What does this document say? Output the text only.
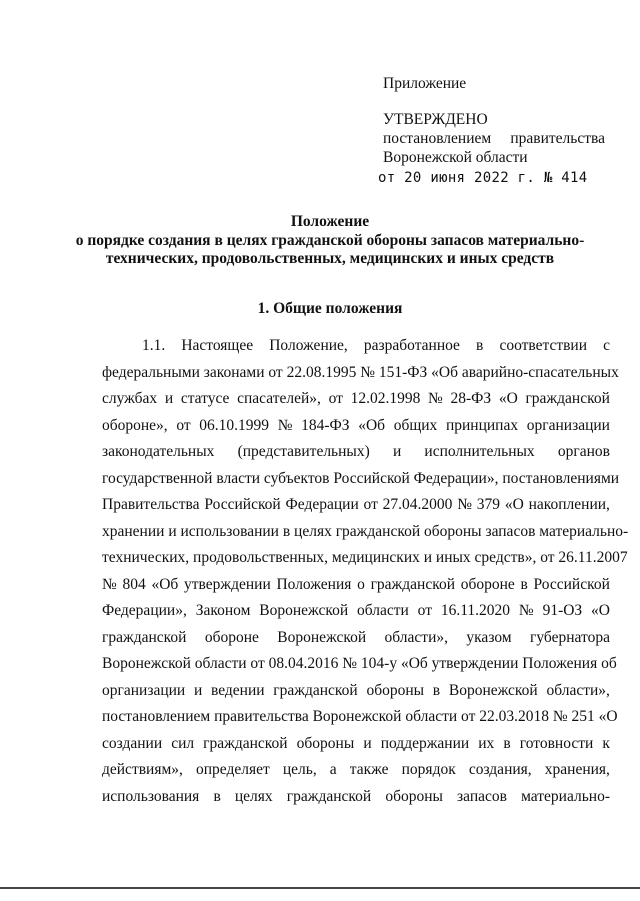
Приложение
УТВЕРЖДЕНО
постановлением правительства
Воронежской области
от 20 июня 2022 г. № 414
Положение
о порядке создания в целях гражданской обороны запасов материально-
технических, продовольственных, медицинских и иных средств
1. Общие положения
1.1. Настоящее Положение, разработанное в соответствии с
федеральными законами от 22.08.1995 № 151-ФЗ «Об аварийно-спасательных
службах и статусе спасателей», от 12.02.1998 № 28-ФЗ «О гражданской
обороне», от 06.10.1999 № 184-ФЗ «Об общих принципах организации
законодательных (представительных) и исполнительных органов
государственной власти субъектов Российской Федерации», постановлениями
Правительства Российской Федерации от 27.04.2000 № 379 «О накоплении,
хранении и использовании в целях гражданской обороны запасов материально-
технических, продовольственных, медицинских и иных средств», от 26.11.2007
№ 804 «Об утверждении Положения о гражданской обороне в Российской
Федерации», Законом Воронежской области от 16.11.2020 № 91-ОЗ «О
гражданской обороне Воронежской области», указом губернатора
Воронежской области от 08.04.2016 № 104-у «Об утверждении Положения об
организации и ведении гражданской обороны в Воронежской области»,
постановлением правительства Воронежской области от 22.03.2018 № 251 «О
создании сил гражданской обороны и поддержании их в готовности к
действиям», определяет цель, а также порядок создания, хранения,
использования в целях гражданской обороны запасов материально-
